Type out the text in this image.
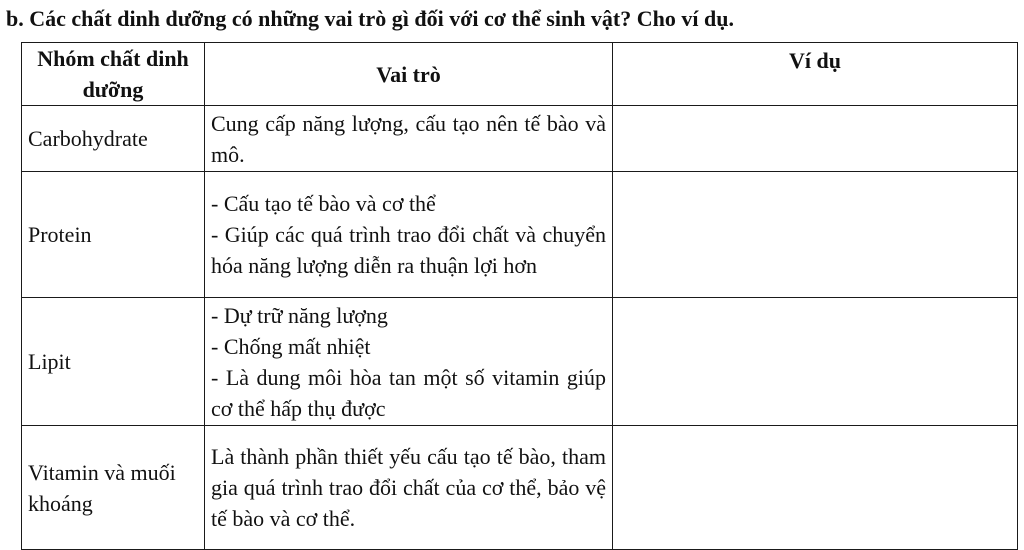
b. Các chất dinh dưỡng có những vai trò gì đối với cơ thể sinh vật? Cho ví dụ.
Nhóm chất dinh dưỡng	Vai trò	Ví dụ
Carbohydrate	Cung cấp năng lượng, cấu tạo nên tế bào và mô.	

Protein	- Cấu tạo tế bào và cơ thể
- Giúp các quá trình trao đổi chất và chuyển hóa năng lượng diễn ra thuận lợi hơn	

Lipit	- Dự trữ năng lượng
- Chống mất nhiệt
- Là dung môi hòa tan một số vitamin giúp cơ thể hấp thụ được	

Vitamin và muối khoáng	Là thành phần thiết yếu cấu tạo tế bào, tham gia quá trình trao đổi chất của cơ thể, bảo vệ tế bào và cơ thể.	
